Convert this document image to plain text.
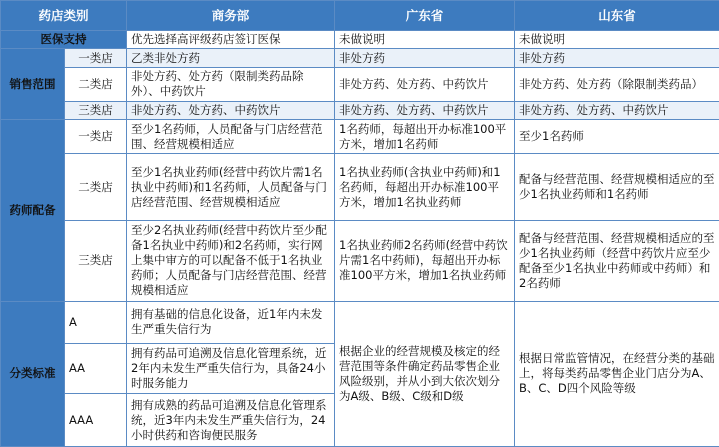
药店类别		商务部	广东省	山东省
医保支持		优先选择高评级药店签订医保	未做说明	未做说明
销售范围	一类店	乙类非处方药	非处方药	非处方药
	二类店	非处方药、处方药（限制类药品除外）、中药饮片	非处方药、处方药、中药饮片	非处方药、处方药（除限制类药品）
	三类店	非处方药、处方药、中药饮片	非处方药、处方药、中药饮片	非处方药、处方药、中药饮片
药师配备	一类店	至少1名药师，人员配备与门店经营范围、经营规模相适应	1名药师，每超出开办标准100平方米，增加1名药师	至少1名药师
	二类店	至少1名执业药师(经营中药饮片需1名执业中药师)和1名药师，人员配备与门店经营范围、经营规模相适应	1名执业药师(含执业中药师)和1名药师，每超出开办标准100平方米，增加1名执业药师	配备与经营范围、经营规模相适应的至少1名执业药师和1名药师
	三类店	至少2名执业药师(经营中药饮片至少配备1名执业中药师)和2名药师，实行网上集中审方的可以配备不低于1名执业药师；人员配备与门店经营范围、经营规模相适应	1名执业药师2名药师(经营中药饮片需1名中药师)，每超出开办标准100平方米，增加1名执业药师	配备与经营范围、经营规模相适应的至少1名执业药师（经营中药饮片应至少配备至少1名执业中药师或中药师）和2名药师
分类标准	A	拥有基础的信息化设备，近1年内未发生严重失信行为	根据企业的经营规模及核定的经营范围等条件确定药品零售企业风险级别，并从小到大依次划分为A级、B级、C级和D级	根据日常监管情况，在经营分类的基础上，将每类药品零售企业门店分为A、B、C、D四个风险等级
	AA	拥有药品可追溯及信息化管理系统，近2年内未发生严重失信行为，具备24小时服务能力		
	AAA	拥有成熟的药品可追溯及信息化管理系统，近3年内未发生严重失信行为，24小时供药和咨询便民服务		
